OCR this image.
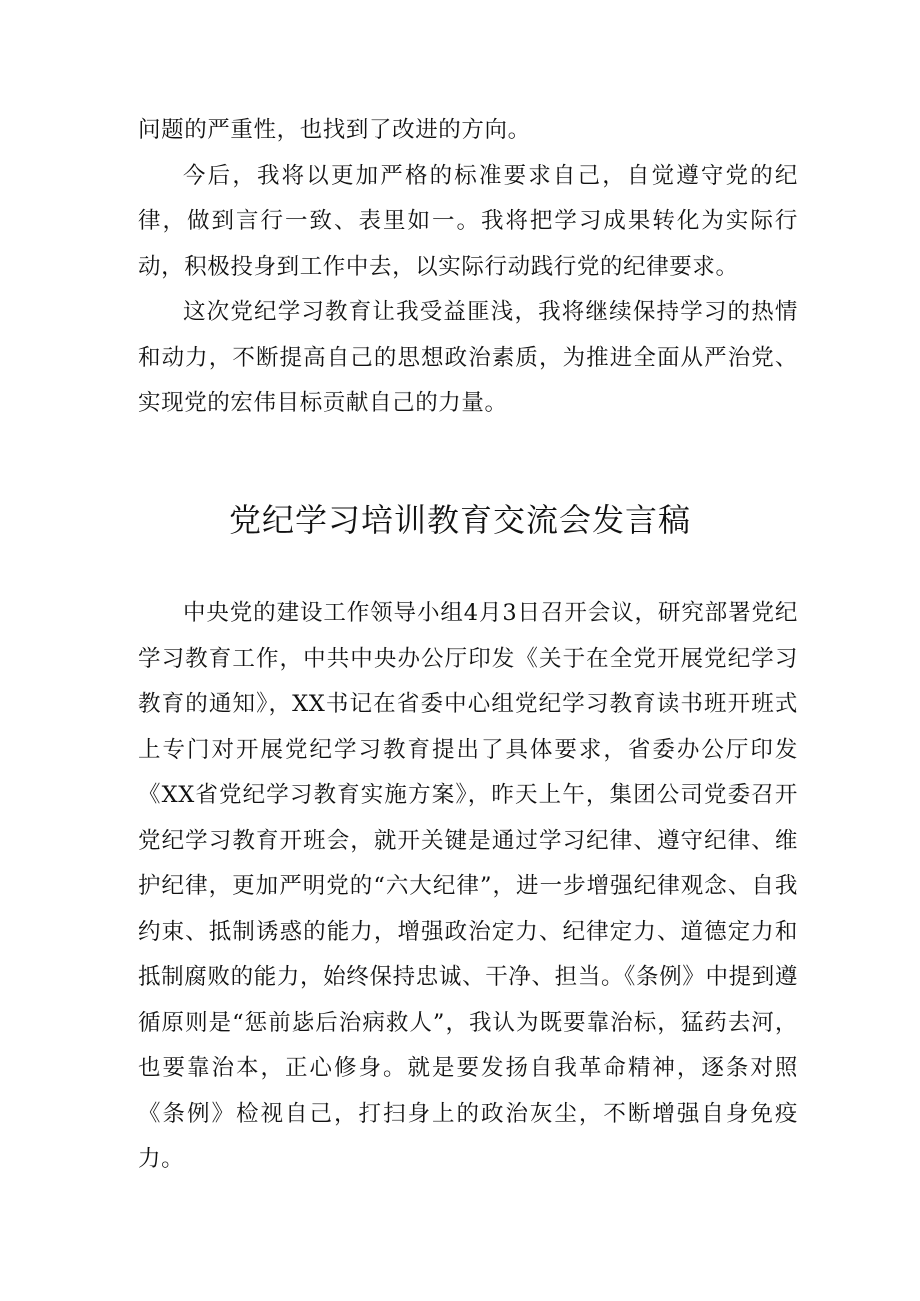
问题的严重性，也找到了改进的方向。

今后，我将以更加严格的标准要求自己，自觉遵守党的纪律，做到言行一致、表里如一。我将把学习成果转化为实际行动，积极投身到工作中去，以实际行动践行党的纪律要求。

这次党纪学习教育让我受益匪浅，我将继续保持学习的热情和动力，不断提高自己的思想政治素质，为推进全面从严治党、实现党的宏伟目标贡献自己的力量。

党纪学习培训教育交流会发言稿

中央党的建设工作领导小组4月3日召开会议，研究部署党纪学习教育工作，中共中央办公厅印发《关于在全党开展党纪学习教育的通知》，XX书记在省委中心组党纪学习教育读书班开班式上专门对开展党纪学习教育提出了具体要求，省委办公厅印发《XX省党纪学习教育实施方案》，昨天上午，集团公司党委召开党纪学习教育开班会，就开关键是通过学习纪律、遵守纪律、维护纪律，更加严明党的“六大纪律”，进一步增强纪律观念、自我约束、抵制诱惑的能力，增强政治定力、纪律定力、道德定力和抵制腐败的能力，始终保持忠诚、干净、担当。《条例》中提到遵循原则是“惩前毖后治病救人”，我认为既要靠治标，猛药去河，也要靠治本，正心修身。就是要发扬自我革命精神，逐条对照《条例》检视自己，打扫身上的政治灰尘，不断增强自身免疫力。
